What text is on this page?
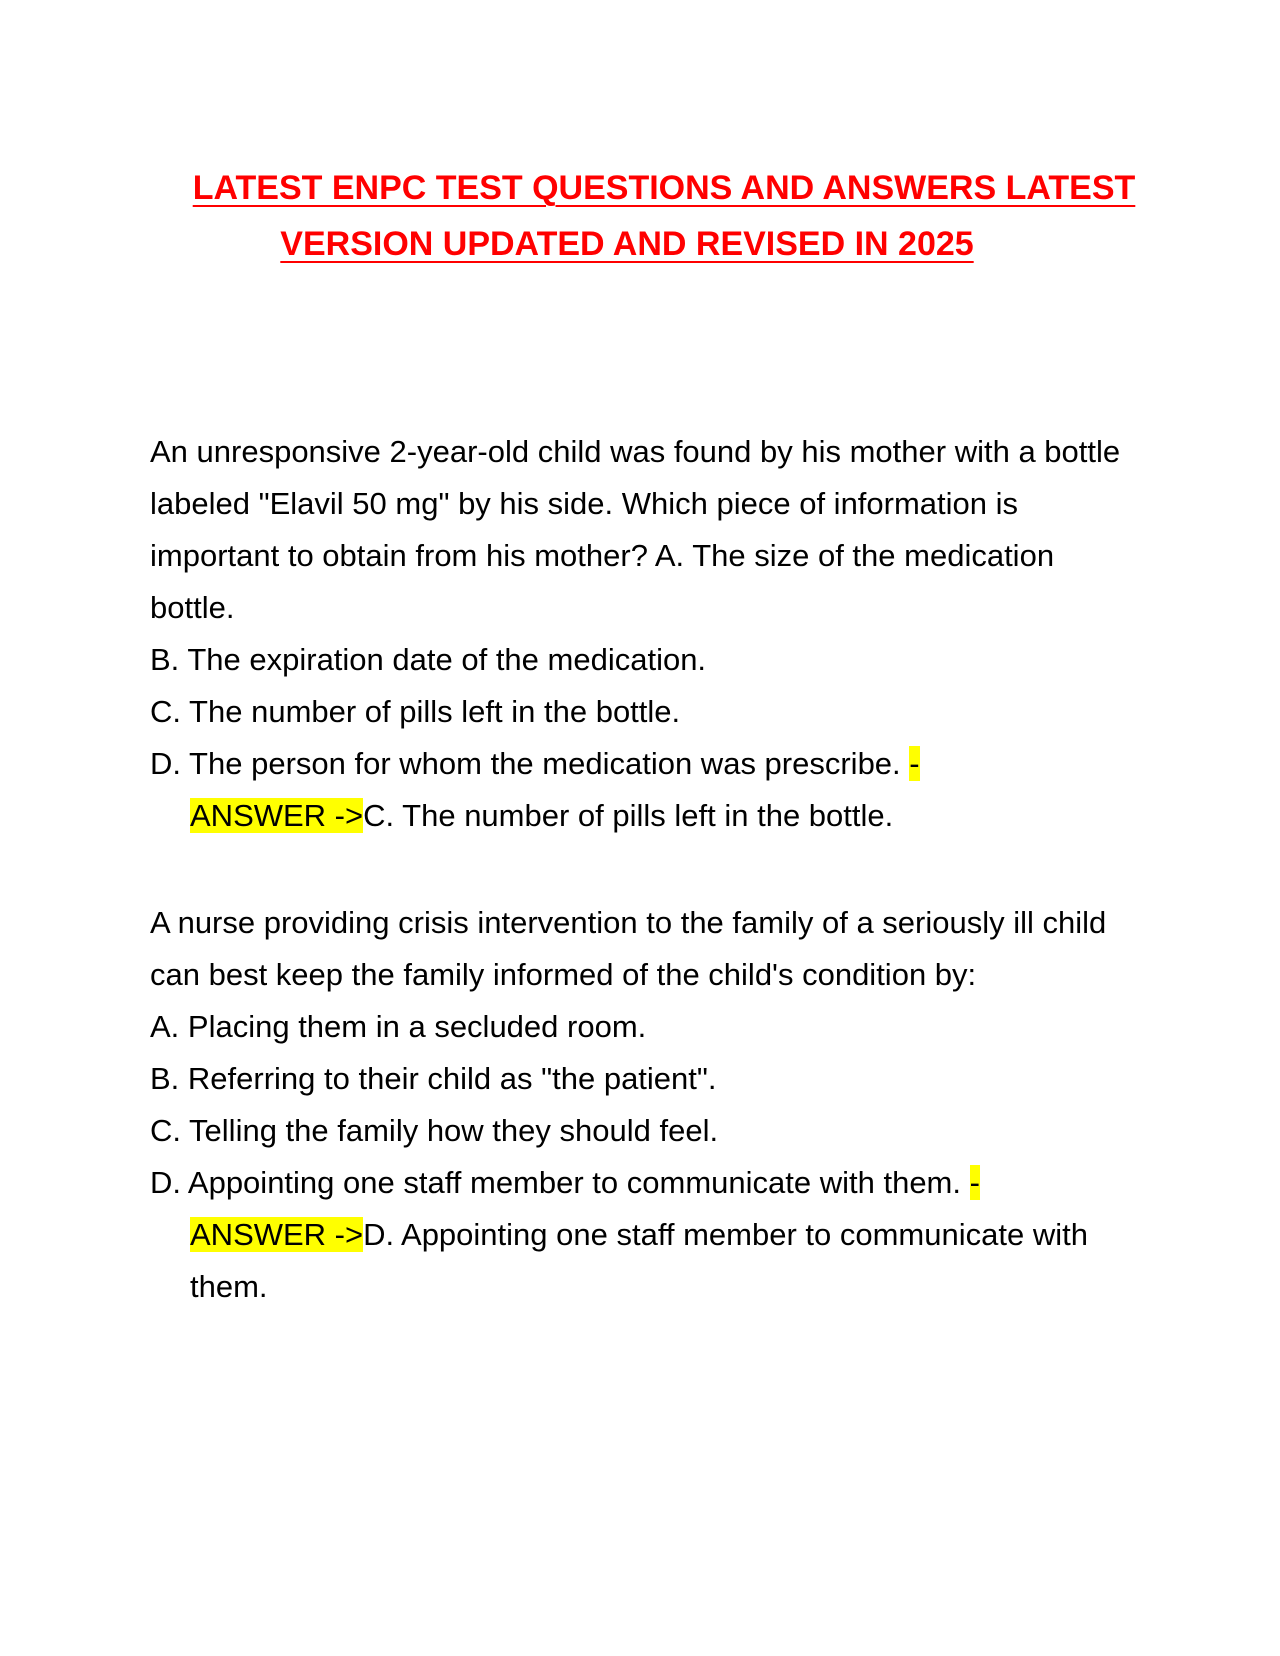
LATEST ENPC TEST QUESTIONS AND ANSWERS LATEST
VERSION UPDATED AND REVISED IN 2025

An unresponsive 2-year-old child was found by his mother with a bottle labeled "Elavil 50 mg" by his side. Which piece of information is important to obtain from his mother? A. The size of the medication bottle.

B. The expiration date of the medication.

C. The number of pills left in the bottle.

D. The person for whom the medication was prescribe. -
ANSWER ->C. The number of pills left in the bottle.

A nurse providing crisis intervention to the family of a seriously ill child can best keep the family informed of the child's condition by:

A. Placing them in a secluded room.

B. Referring to their child as "the patient".

C. Telling the family how they should feel.

D. Appointing one staff member to communicate with them. -
ANSWER ->D. Appointing one staff member to communicate with them.
